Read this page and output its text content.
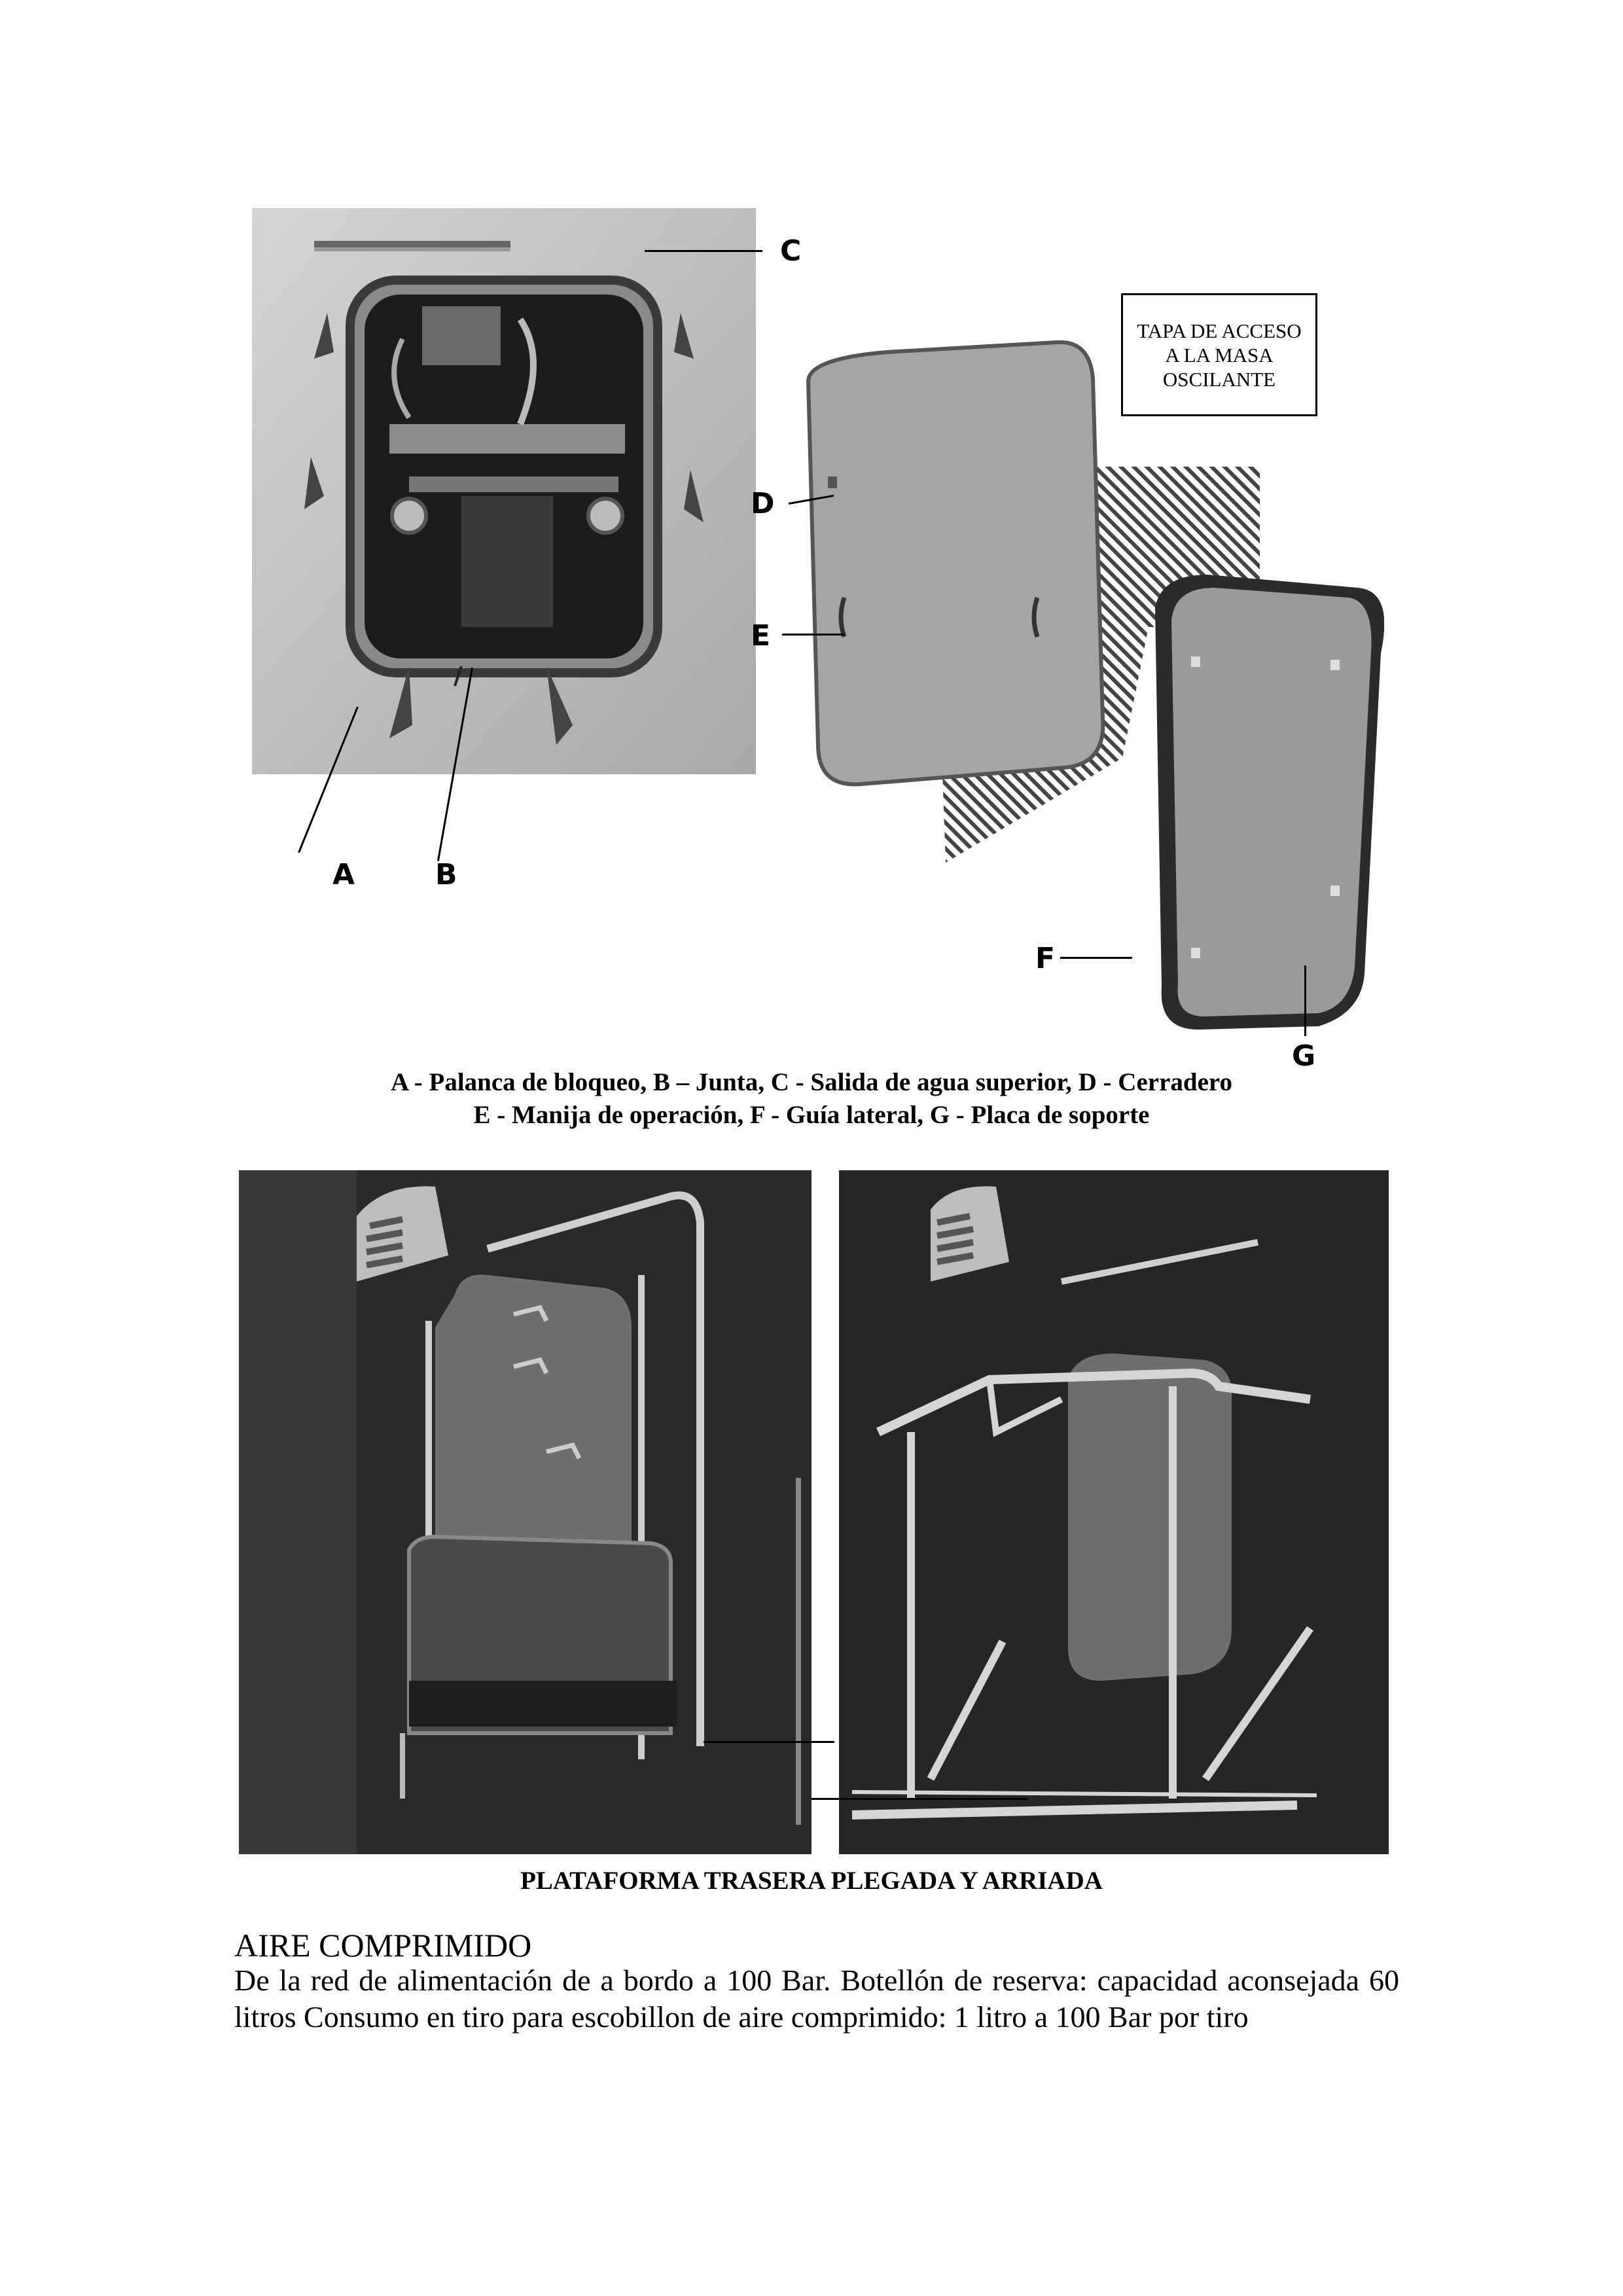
C
D
E
F
G
A	B
TAPA DE ACCESO A LA MASA OSCILANTE
A - Palanca de bloqueo, B – Junta, C - Salida de agua superior, D - Cerradero
E - Manija de operación, F - Guía lateral, G - Placa de soporte
PLATAFORMA TRASERA PLEGADA Y ARRIADA
AIRE COMPRIMIDO
De la red de alimentación de a bordo a 100 Bar. Botellón de reserva: capacidad aconsejada 60 litros Consumo en tiro para escobillon de aire comprimido: 1 litro a 100 Bar por tiro
